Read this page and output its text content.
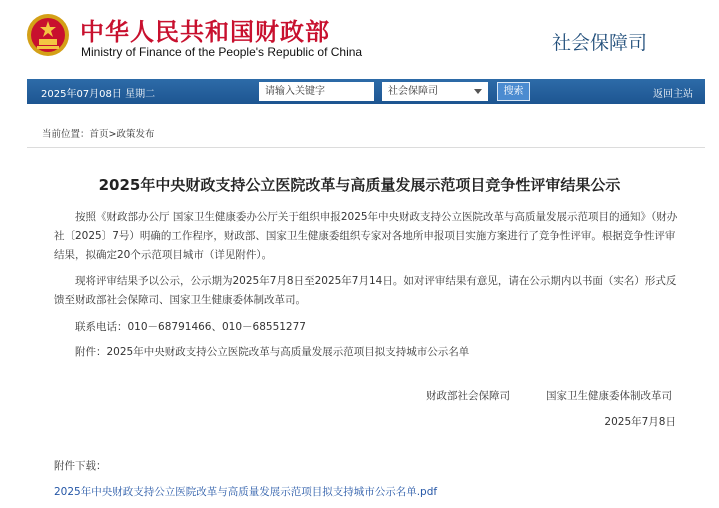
中华人民共和国财政部
Ministry of Finance of the People's Republic of China	社会保障司
2025年07月08日 星期二	请输入关键字	社会保障司	搜索	返回主站
当前位置：首页>政策发布
2025年中央财政支持公立医院改革与高质量发展示范项目竞争性评审结果公示
按照《财政部办公厅 国家卫生健康委办公厅关于组织申报2025年中央财政支持公立医院改革与高质量发展示范项目的通知》（财办社〔2025〕7号）明确的工作程序，财政部、国家卫生健康委组织专家对各地所申报项目实施方案进行了竞争性评审。根据竞争性评审结果，拟确定20个示范项目城市（详见附件）。
现将评审结果予以公示，公示期为2025年7月8日至2025年7月14日。如对评审结果有意见，请在公示期内以书面（实名）形式反馈至财政部社会保障司、国家卫生健康委体制改革司。
联系电话：010－68791466、010－68551277
附件：2025年中央财政支持公立医院改革与高质量发展示范项目拟支持城市公示名单
财政部社会保障司	国家卫生健康委体制改革司
2025年7月8日
附件下载：
2025年中央财政支持公立医院改革与高质量发展示范项目拟支持城市公示名单.pdf
